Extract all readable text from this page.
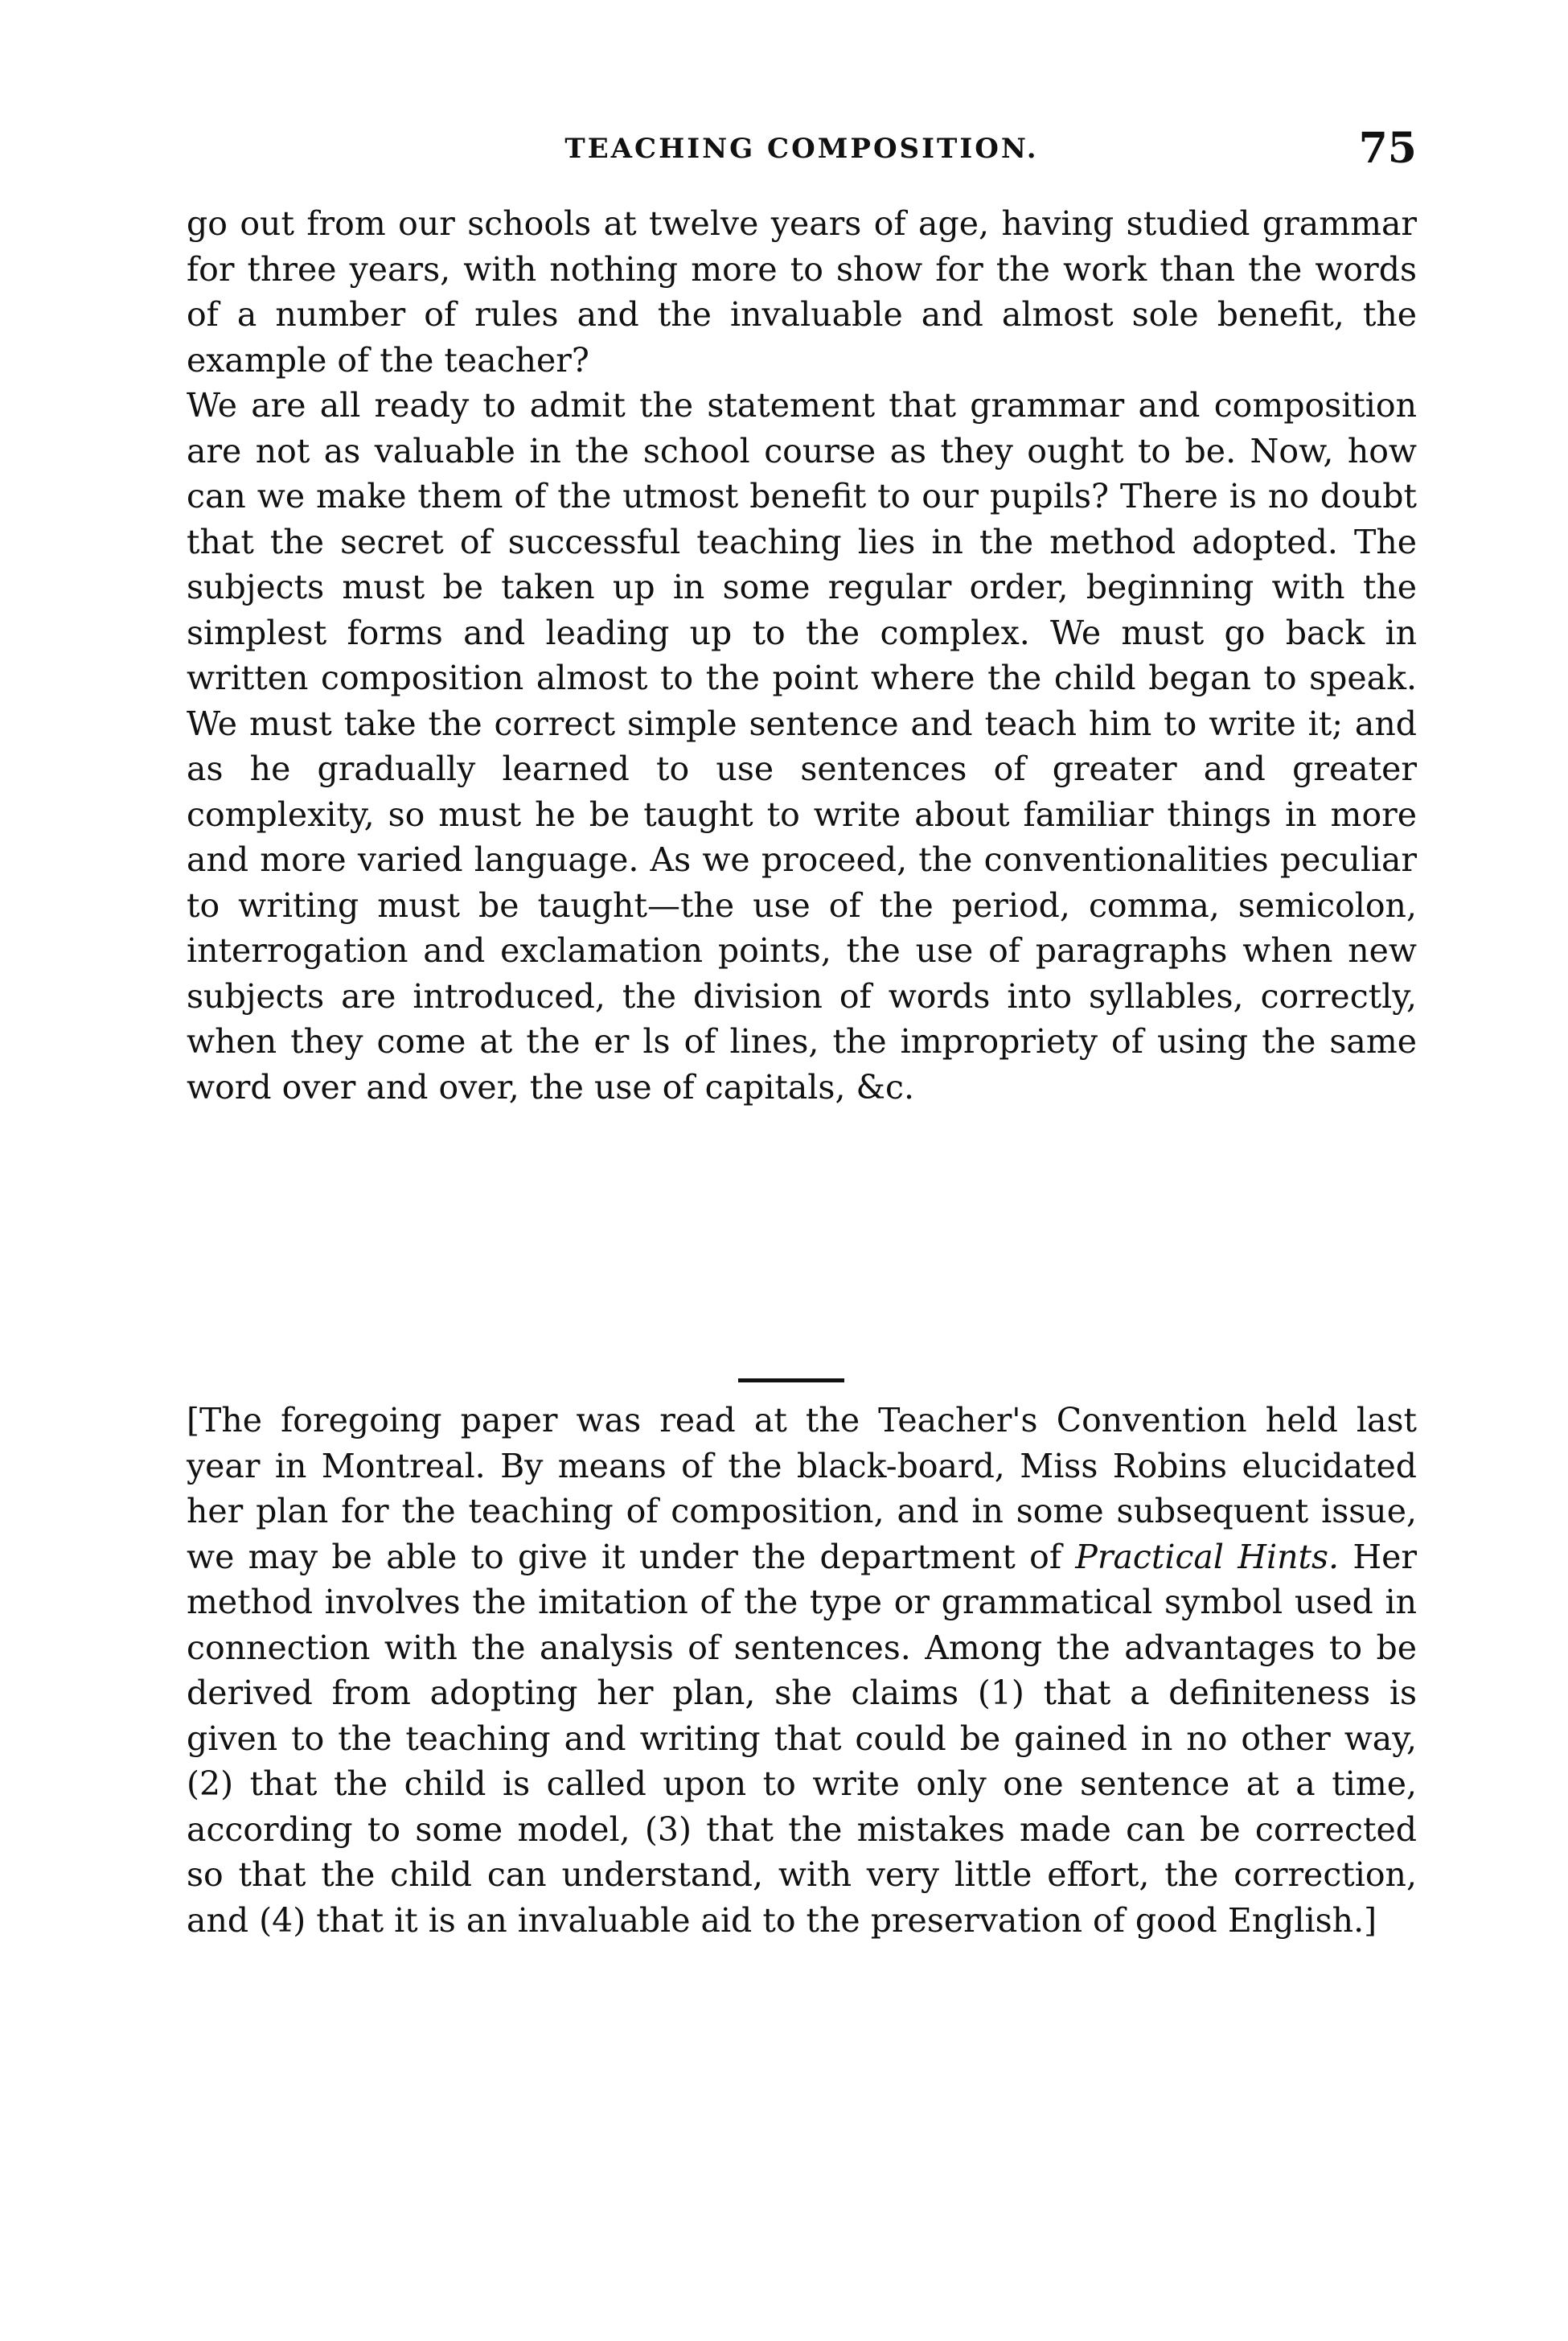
TEACHING COMPOSITION.	75

go out from our schools at twelve years of age, having studied grammar for three years, with nothing more to show for the work than the words of a number of rules and the invaluable and almost sole benefit, the example of the teacher?

We are all ready to admit the statement that grammar and composition are not as valuable in the school course as they ought to be. Now, how can we make them of the utmost benefit to our pupils? There is no doubt that the secret of successful teaching lies in the method adopted. The subjects must be taken up in some regular order, beginning with the simplest forms and leading up to the complex. We must go back in written composition almost to the point where the child began to speak. We must take the correct simple sentence and teach him to write it; and as he gradually learned to use sentences of greater and greater complexity, so must he be taught to write about familiar things in more and more varied language. As we proceed, the conventionalities peculiar to writing must be taught—the use of the period, comma, semicolon, interrogation and exclamation points, the use of paragraphs when new subjects are introduced, the division of words into syllables, correctly, when they come at the er ls of lines, the impropriety of using the same word over and over, the use of capitals, &c.

[The foregoing paper was read at the Teacher's Convention held last year in Montreal. By means of the black-board, Miss Robins elucidated her plan for the teaching of composition, and in some subsequent issue, we may be able to give it under the department of Practical Hints. Her method involves the imitation of the type or grammatical symbol used in connection with the analysis of sentences. Among the advantages to be derived from adopting her plan, she claims (1) that a definiteness is given to the teaching and writing that could be gained in no other way, (2) that the child is called upon to write only one sentence at a time, according to some model, (3) that the mistakes made can be corrected so that the child can understand, with very little effort, the correction, and (4) that it is an invaluable aid to the preservation of good English.]
